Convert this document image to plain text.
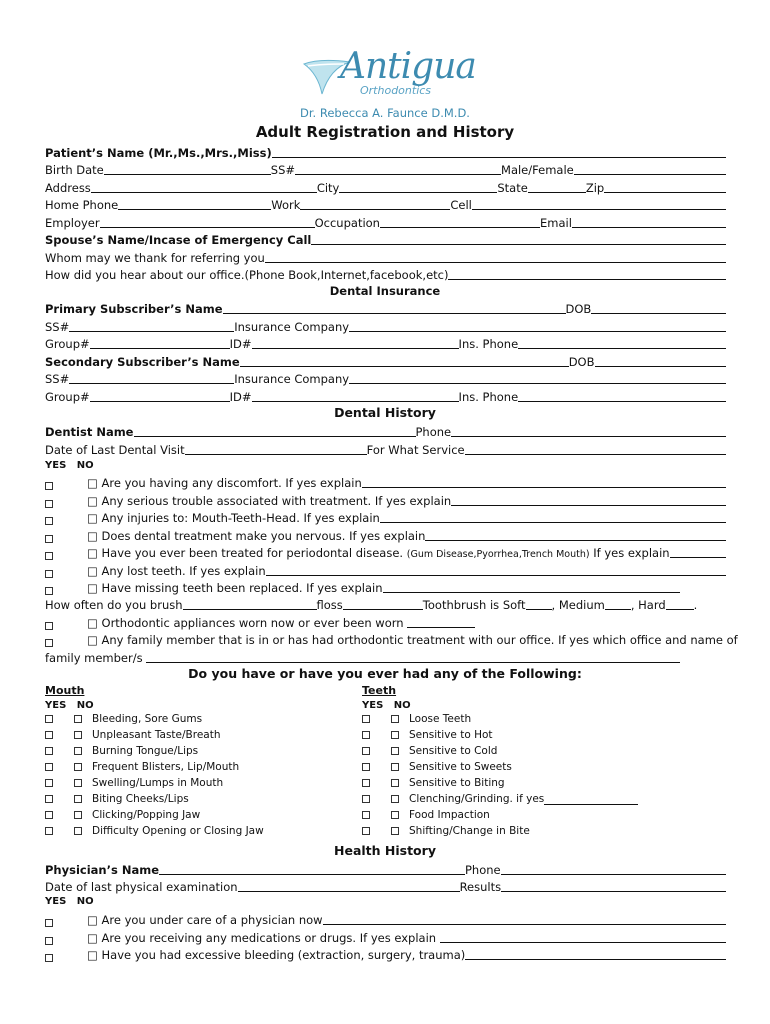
Antigua
Orthodontics
Dr. Rebecca A. Faunce D.M.D.
Adult Registration and History
Patient’s Name (Mr.,Ms.,Mrs.,Miss)
Birth Date	SS#	Male/Female
Address	City	State	Zip
Home Phone	Work	Cell
Employer	Occupation	Email
Spouse’s Name/Incase of Emergency Call
Whom may we thank for referring you
How did you hear about our office.(Phone Book,Internet,facebook,etc)
Dental Insurance
Primary Subscriber’s Name	DOB
SS#	Insurance Company
Group#	ID#	Ins. Phone
Secondary Subscriber’s Name	DOB
SS#	Insurance Company
Group#	ID#	Ins. Phone
Dental History
Dentist Name	Phone
Date of Last Dental Visit	For What Service
YES NO
□ Are you having any discomfort. If yes explain
□ Any serious trouble associated with treatment. If yes explain
□ Any injuries to: Mouth-Teeth-Head. If yes explain
□ Does dental treatment make you nervous. If yes explain
□ Have you ever been treated for periodontal disease.
(Gum Disease,Pyorrhea,Trench Mouth)
If yes explain
□ Any lost teeth. If yes explain
□ Have missing teeth been replaced. If yes explain
How often do you brush	floss	Toothbrush is Soft , Medium , Hard .
□ Orthodontic appliances worn now or ever been worn

□ Any family member that is in or has had orthodontic treatment with our office. If yes which office and name of
family member/s

Do you have or have you ever had any of the Following:
Mouth
YES NO
Bleeding, Sore Gums
Unpleasant Taste/Breath
Burning Tongue/Lips
Frequent Blisters, Lip/Mouth
Swelling/Lumps in Mouth
Biting Cheeks/Lips
Clicking/Popping Jaw
Difficulty Opening or Closing Jaw
Teeth
YES NO
Loose Teeth
Sensitive to Hot
Sensitive to Cold
Sensitive to Sweets
Sensitive to Biting
Clenching/Grinding. if yes
Food Impaction
Shifting/Change in Bite
Health History
Physician’s Name	Phone
Date of last physical examination	Results
YES NO
□ Are you under care of a physician now
□ Are you receiving any medications or drugs. If yes explain

□ Have you had excessive bleeding (extraction, surgery, trauma)
